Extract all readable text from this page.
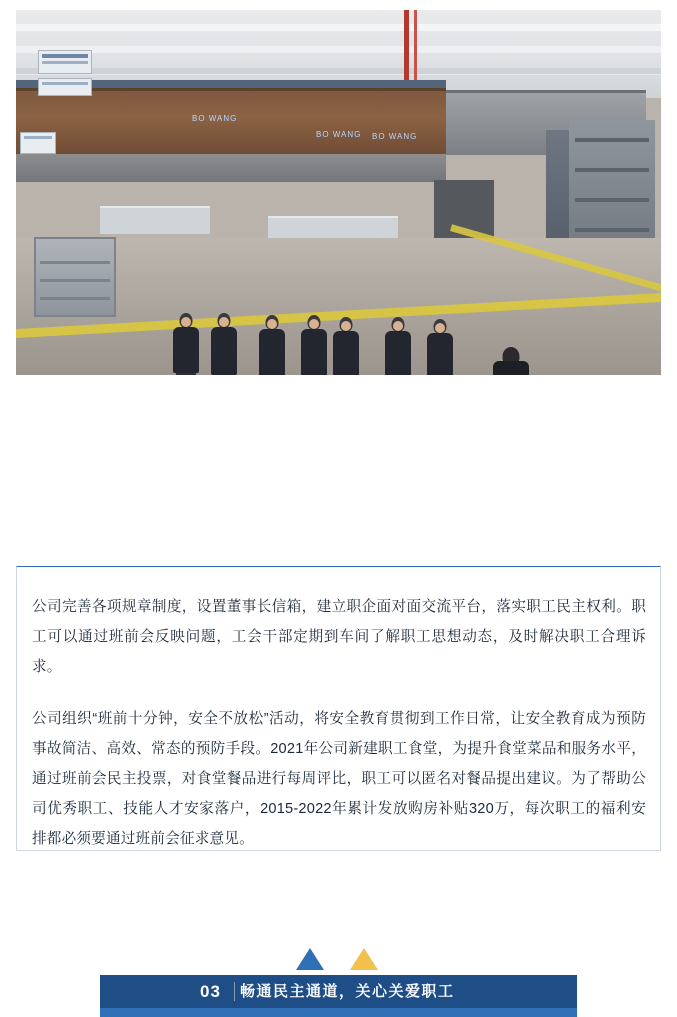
BO WANG
BO WANG BO WANG
03 畅通民主通道，关心关爱职工

公司完善各项规章制度，设置董事长信箱，建立职企面对面交流平台，落实职工民主权利。职工可以通过班前会反映问题，工会干部定期到车间了解职工思想动态，及时解决职工合理诉求。

公司组织“班前十分钟，安全不放松”活动，将安全教育贯彻到工作日常，让安全教育成为预防事故简洁、高效、常态的预防手段。2021年公司新建职工食堂，为提升食堂菜品和服务水平，通过班前会民主投票，对食堂餐品进行每周评比，职工可以匿名对餐品提出建议。为了帮助公司优秀职工、技能人才安家落户，2015-2022年累计发放购房补贴320万，每次职工的福利安排都必须要通过班前会征求意见。
